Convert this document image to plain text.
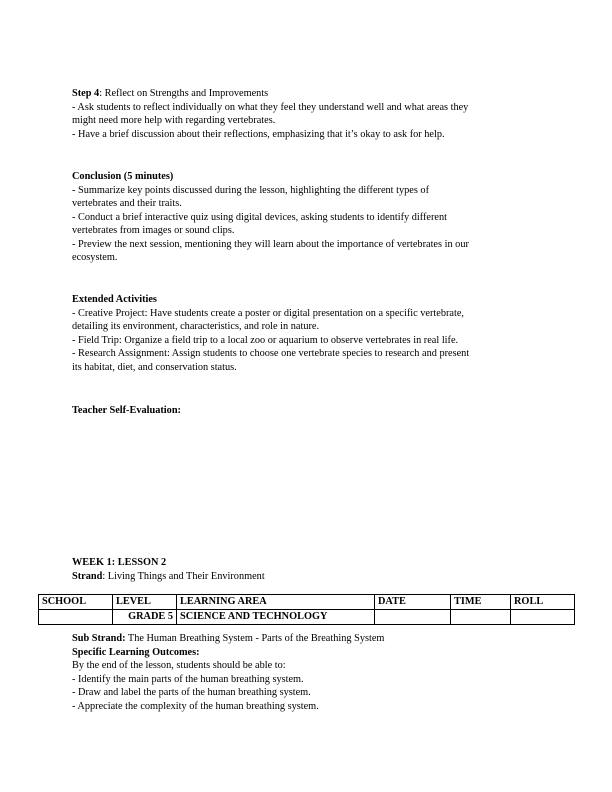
Step 4: Reflect on Strengths and Improvements
- Ask students to reflect individually on what they feel they understand well and what areas they
might need more help with regarding vertebrates.
- Have a brief discussion about their reflections, emphasizing that it’s okay to ask for help.
Conclusion (5 minutes)
- Summarize key points discussed during the lesson, highlighting the different types of
vertebrates and their traits.
- Conduct a brief interactive quiz using digital devices, asking students to identify different
vertebrates from images or sound clips.
- Preview the next session, mentioning they will learn about the importance of vertebrates in our
ecosystem.
Extended Activities
- Creative Project: Have students create a poster or digital presentation on a specific vertebrate,
detailing its environment, characteristics, and role in nature.
- Field Trip: Organize a field trip to a local zoo or aquarium to observe vertebrates in real life.
- Research Assignment: Assign students to choose one vertebrate species to research and present
its habitat, diet, and conservation status.
Teacher Self-Evaluation:
WEEK 1: LESSON 2
Strand: Living Things and Their Environment
SCHOOL	LEVEL	LEARNING AREA	DATE	TIME	ROLL
	GRADE 5	SCIENCE AND TECHNOLOGY			
Sub Strand: The Human Breathing System - Parts of the Breathing System
Specific Learning Outcomes:
By the end of the lesson, students should be able to:
- Identify the main parts of the human breathing system.
- Draw and label the parts of the human breathing system.
- Appreciate the complexity of the human breathing system.
